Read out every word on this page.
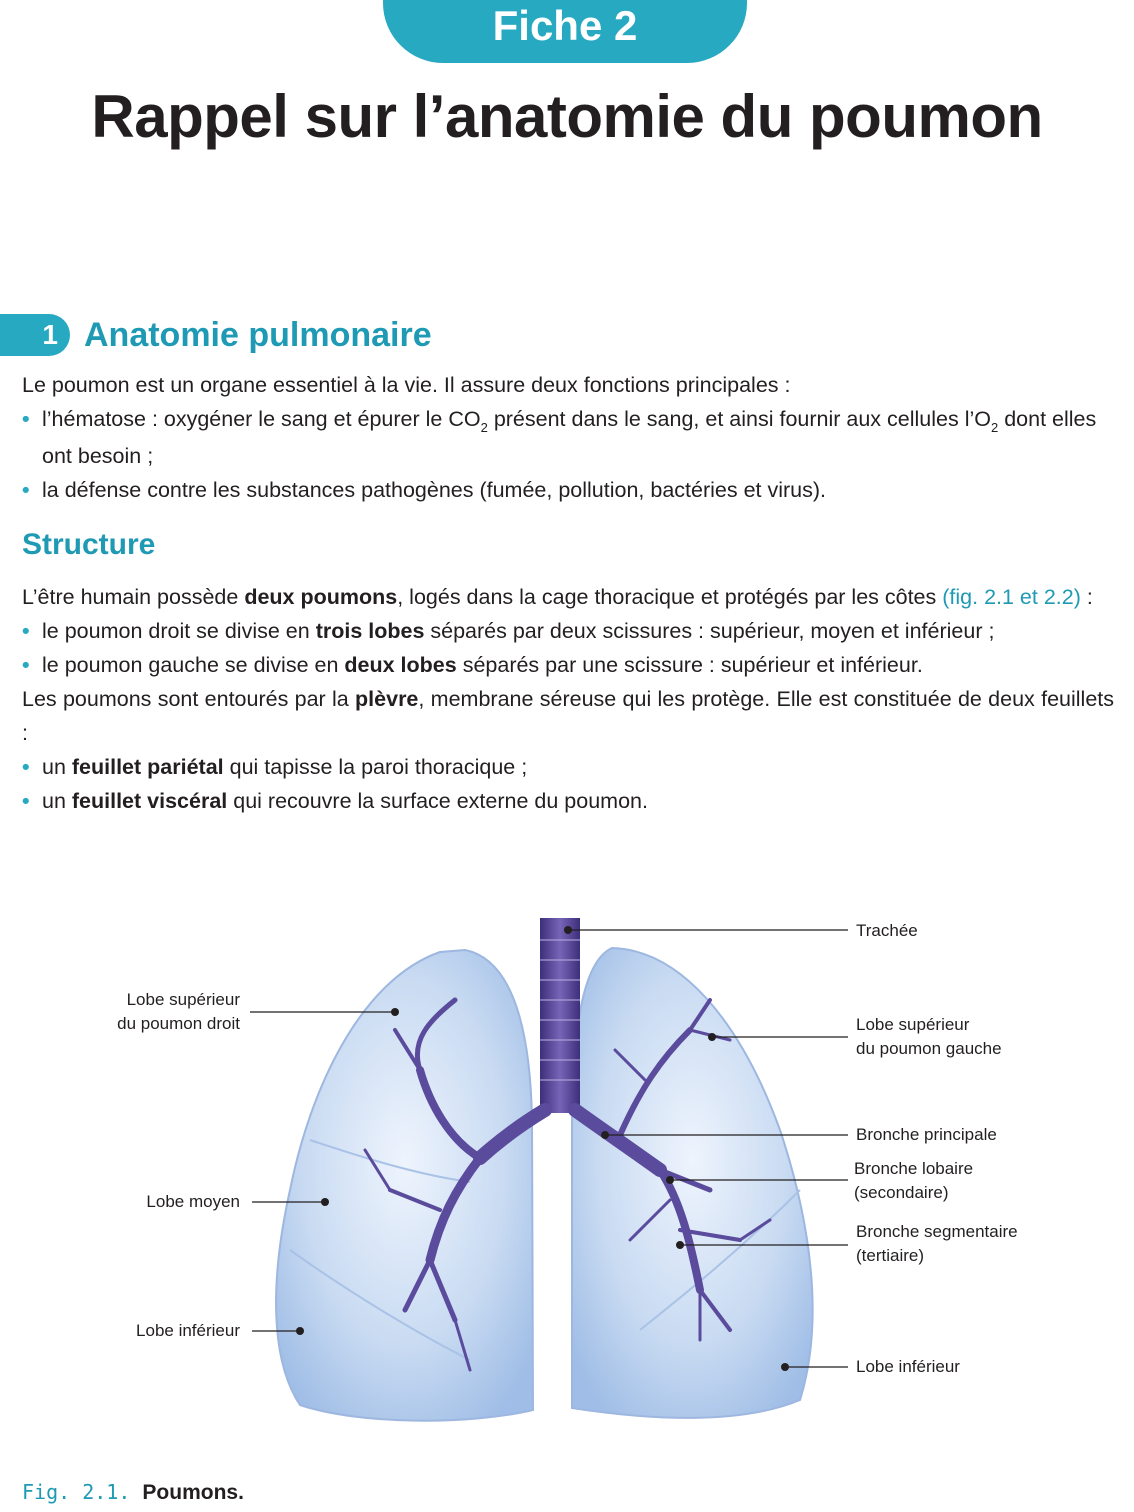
Fiche 2
Rappel sur l’anatomie du poumon
1 Anatomie pulmonaire

Le poumon est un organe essentiel à la vie. Il assure deux fonctions principales :

• l’hématose : oxygéner le sang et épurer le $CO_2$ présent dans le sang, et ainsi fournir aux cellules $l’O_2$ dont elles ont besoin ;
• la défense contre les substances pathogènes (fumée, pollution, bactéries et virus).
Structure

L’être humain possède deux poumons, logés dans la cage thoracique et protégés par les côtes (fig. 2.1 et 2.2) :

• le poumon droit se divise en trois lobes séparés par deux scissures : supérieur, moyen et inférieur ;
• le poumon gauche se divise en deux lobes séparés par une scissure : supérieur et inférieur.

Les poumons sont entourés par la plèvre, membrane séreuse qui les protège. Elle est constituée de deux feuillets :

• un feuillet pariétal qui tapisse la paroi thoracique ;
• un feuillet viscéral qui recouvre la surface externe du poumon.
Trachée
Lobe supérieur
du poumon droit	Lobe supérieur
du poumon gauche
Bronche principale
Bronche lobaire
(secondaire)
Bronche segmentaire
(tertiaire)
Lobe moyen
Lobe inférieur
Lobe inférieur
Fig. 2.1. Poumons.
